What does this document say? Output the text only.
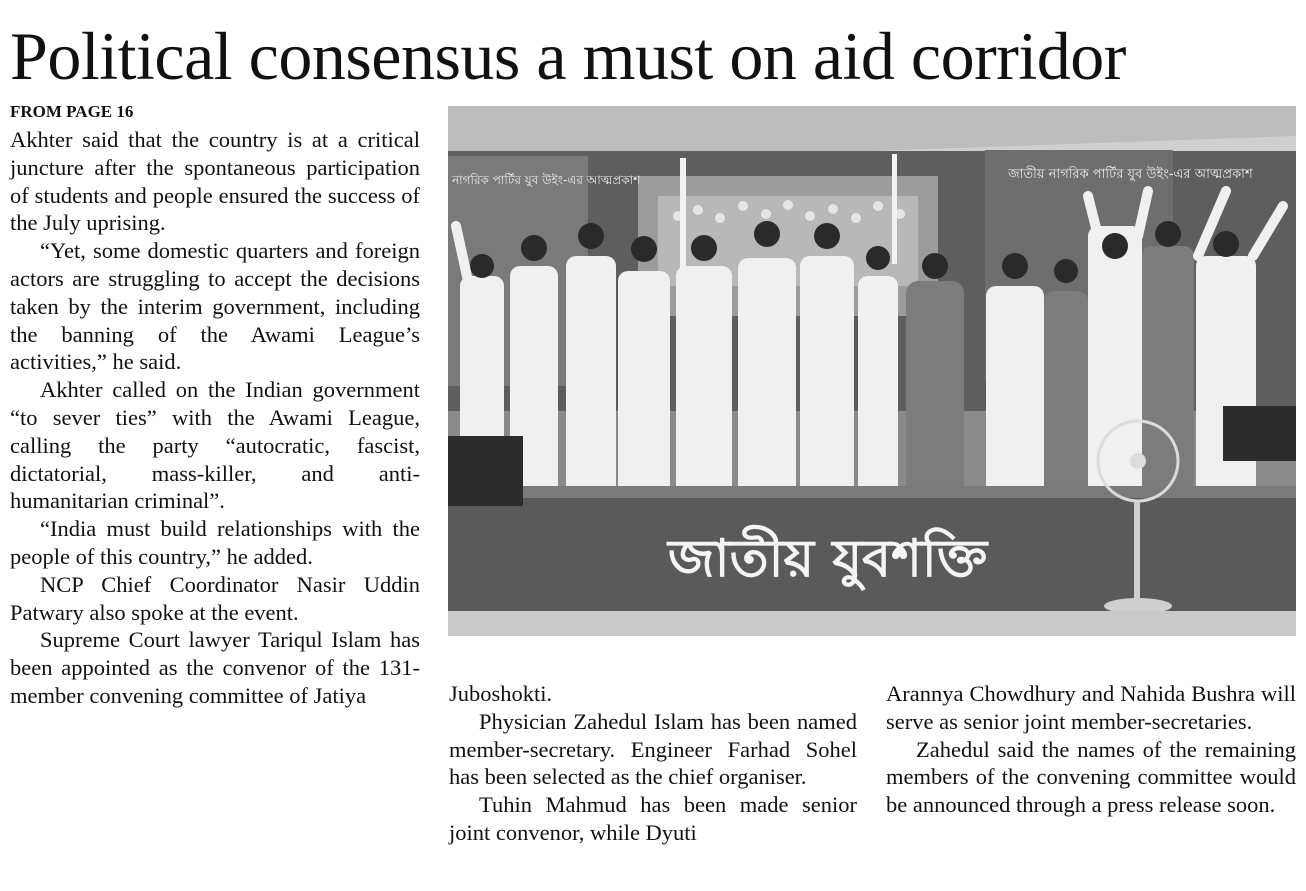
Political consensus a must on aid corridor
FROM PAGE 16

Akhter said that the country is at a critical juncture after the spontaneous participation of students and people ensured the success of the July uprising.

“Yet, some domestic quarters and foreign actors are struggling to accept the decisions taken by the interim government, including the banning of the Awami League’s activities,” he said.

Akhter called on the Indian government “to sever ties” with the Awami League, calling the party “autocratic, fascist, dictatorial, mass-killer, and anti-humanitarian criminal”.

“India must build relationships with the people of this country,” he added.

NCP Chief Coordinator Nasir Uddin Patwary also spoke at the event.

Supreme Court lawyer Tariqul Islam has been appointed as the convenor of the 131-member convening committee of Jatiya

জাতীয় নাগরিক পার্টির যুব উইং-এর আত্মপ্রকাশ
নাগরিক পার্টির যুব উইং-এর আত্মপ্রকাশ
জাতীয় যুবশক্তি

Juboshokti.

Physician Zahedul Islam has been named member-secretary. Engineer Farhad Sohel has been selected as the chief organiser.

Tuhin Mahmud has been made senior joint convenor, while Dyuti

Arannya Chowdhury and Nahida Bushra will serve as senior joint member-secretaries.

Zahedul said the names of the remaining members of the convening committee would be announced through a press release soon.
